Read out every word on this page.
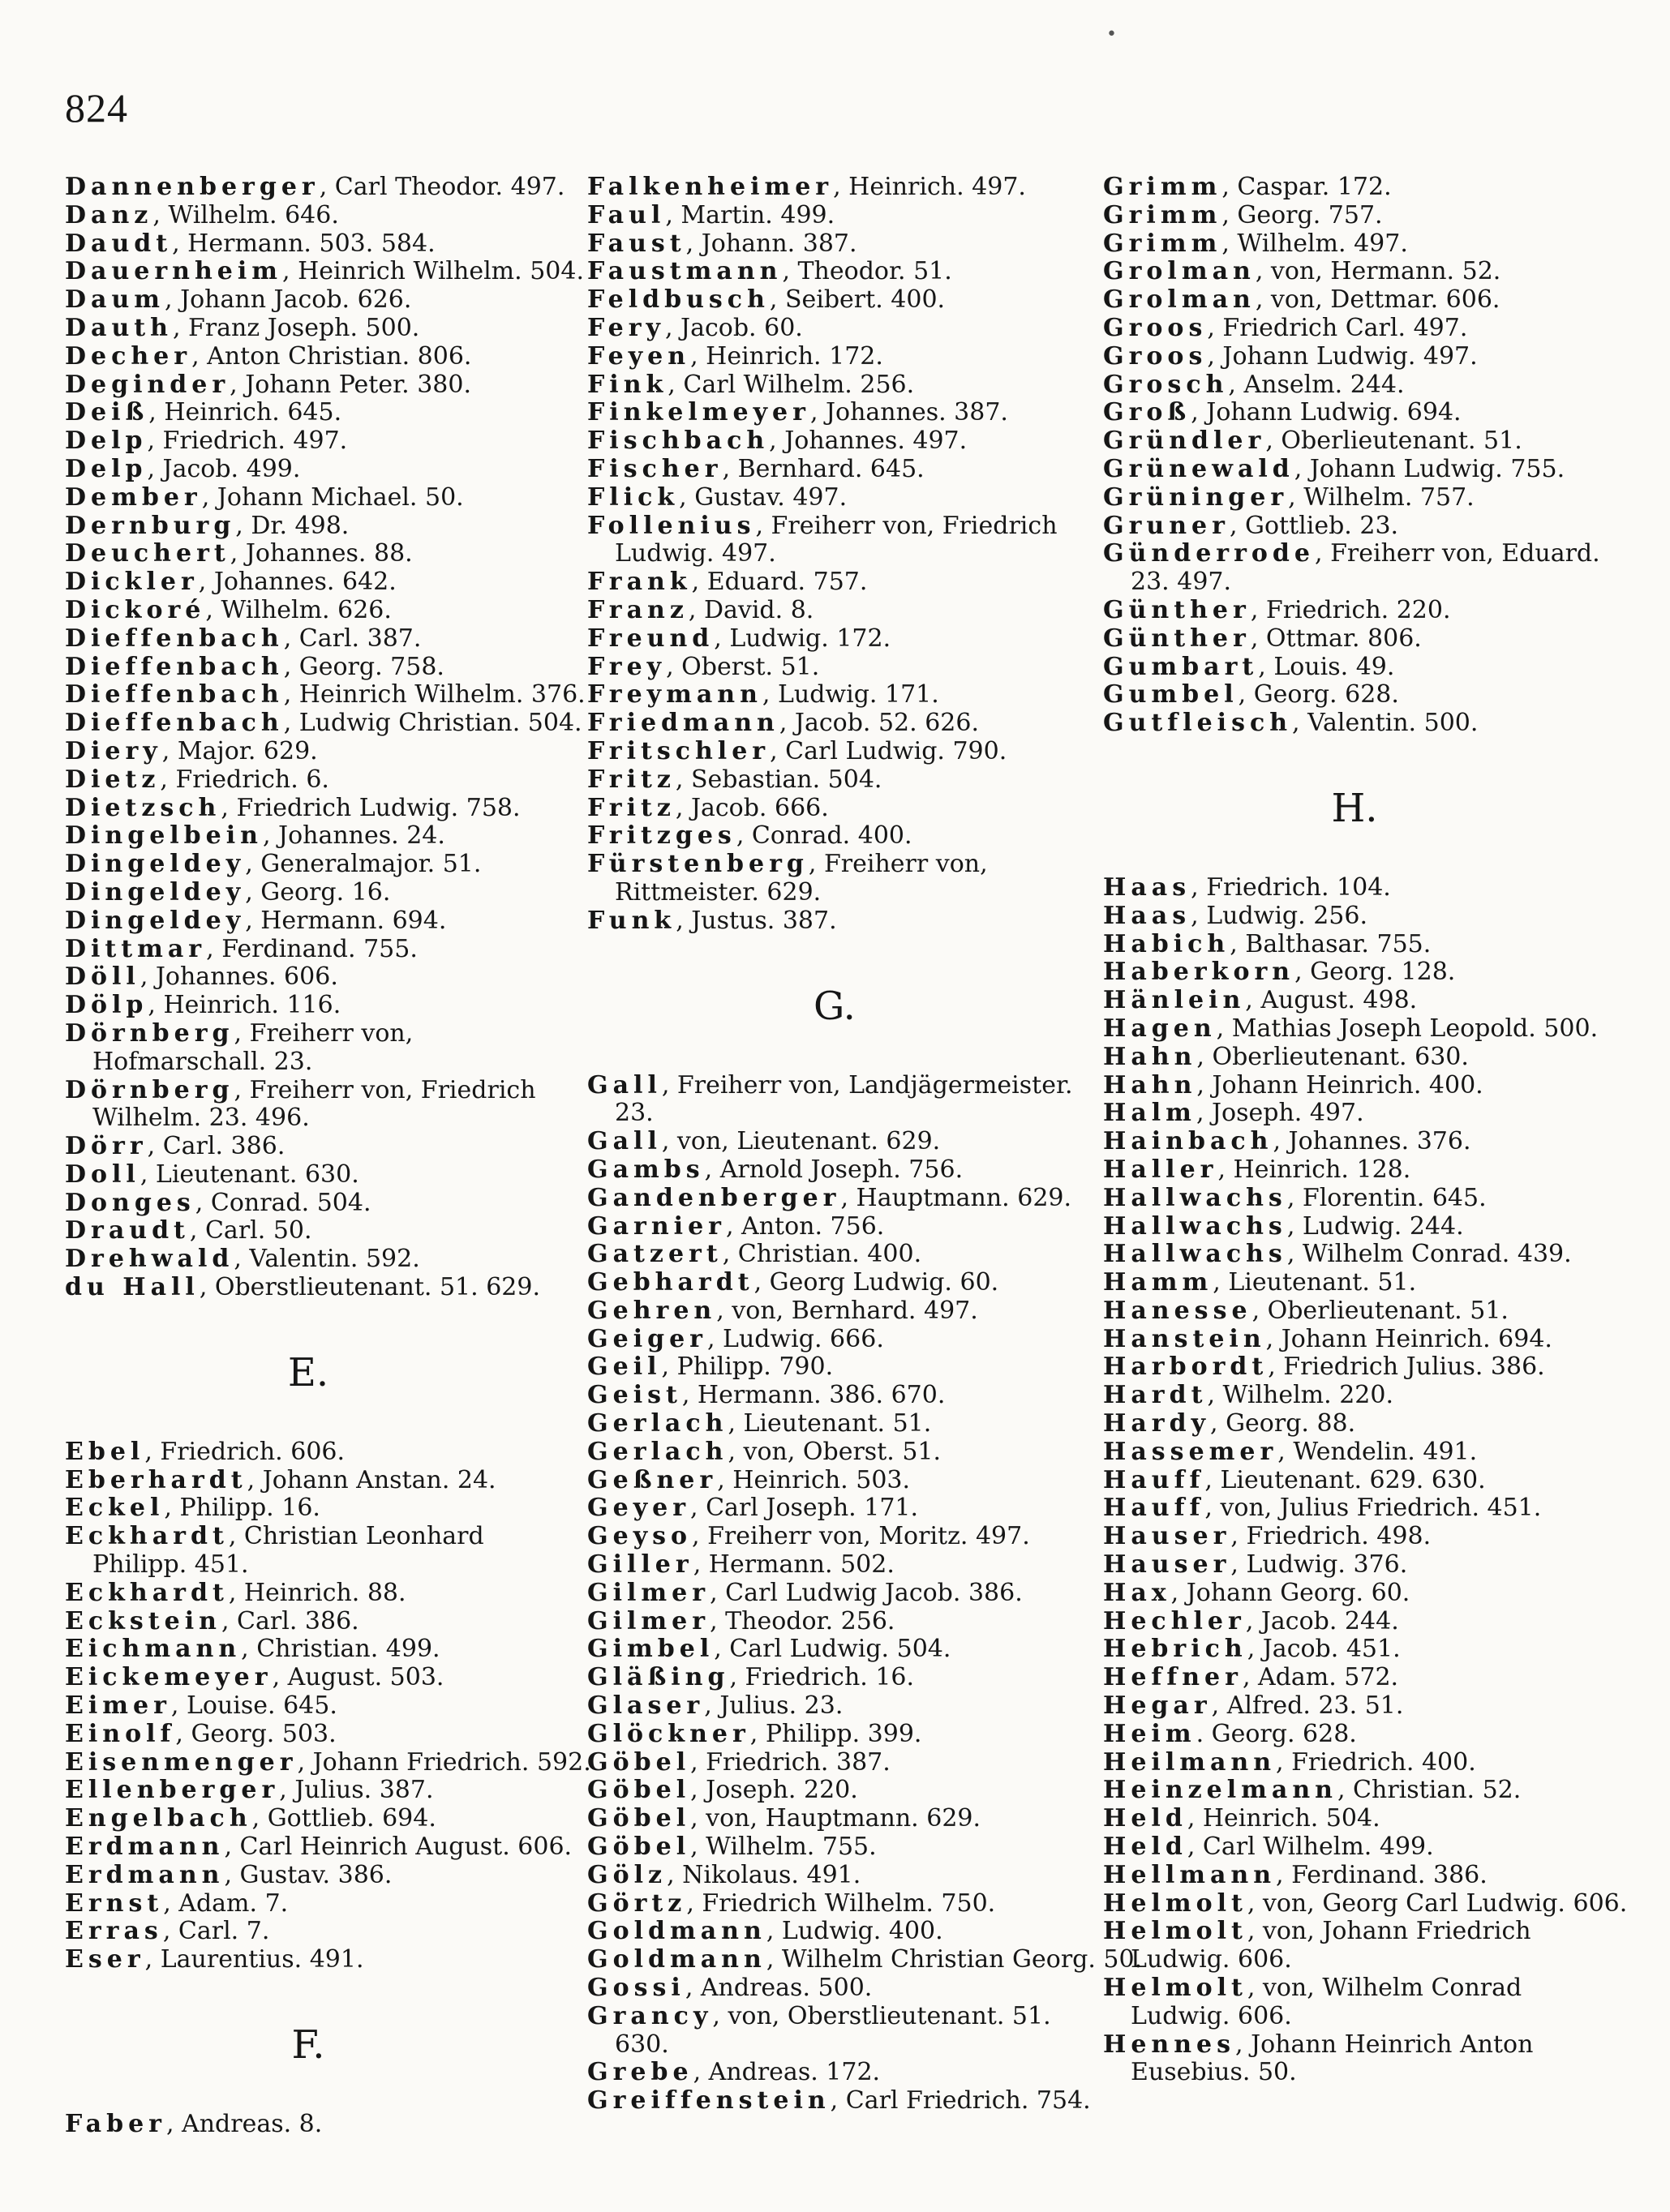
824
Dannenberger, Carl Theodor. 497.
Danz, Wilhelm. 646.
Daudt, Hermann. 503. 584.
Dauernheim, Heinrich Wilhelm. 504.
Daum, Johann Jacob. 626.
Dauth, Franz Joseph. 500.
Decher, Anton Christian. 806.
Deginder, Johann Peter. 380.
Deiß, Heinrich. 645.
Delp, Friedrich. 497.
Delp, Jacob. 499.
Dember, Johann Michael. 50.
Dernburg, Dr. 498.
Deuchert, Johannes. 88.
Dickler, Johannes. 642.
Dickoré, Wilhelm. 626.
Dieffenbach, Carl. 387.
Dieffenbach, Georg. 758.
Dieffenbach, Heinrich Wilhelm. 376.
Dieffenbach, Ludwig Christian. 504.
Diery, Major. 629.
Dietz, Friedrich. 6.
Dietzsch, Friedrich Ludwig. 758.
Dingelbein, Johannes. 24.
Dingeldey, Generalmajor. 51.
Dingeldey, Georg. 16.
Dingeldey, Hermann. 694.
Dittmar, Ferdinand. 755.
Döll, Johannes. 606.
Dölp, Heinrich. 116.
Dörnberg, Freiherr von, Hofmarschall. 23.
Dörnberg, Freiherr von, Friedrich Wilhelm. 23. 496.
Dörr, Carl. 386.
Doll, Lieutenant. 630.
Donges, Conrad. 504.
Draudt, Carl. 50.
Drehwald, Valentin. 592.
du Hall, Oberstlieutenant. 51. 629.
E.
Ebel, Friedrich. 606.
Eberhardt, Johann Anstan. 24.
Eckel, Philipp. 16.
Eckhardt, Christian Leonhard Philipp. 451.
Eckhardt, Heinrich. 88.
Eckstein, Carl. 386.
Eichmann, Christian. 499.
Eickemeyer, August. 503.
Eimer, Louise. 645.
Einolf, Georg. 503.
Eisenmenger, Johann Friedrich. 592.
Ellenberger, Julius. 387.
Engelbach, Gottlieb. 694.
Erdmann, Carl Heinrich August. 606.
Erdmann, Gustav. 386.
Ernst, Adam. 7.
Erras, Carl. 7.
Eser, Laurentius. 491.
F.
Faber, Andreas. 8.
Falkenheimer, Heinrich. 497.
Faul, Martin. 499.
Faust, Johann. 387.
Faustmann, Theodor. 51.
Feldbusch, Seibert. 400.
Fery, Jacob. 60.
Feyen, Heinrich. 172.
Fink, Carl Wilhelm. 256.
Finkelmeyer, Johannes. 387.
Fischbach, Johannes. 497.
Fischer, Bernhard. 645.
Flick, Gustav. 497.
Follenius, Freiherr von, Friedrich Ludwig. 497.
Frank, Eduard. 757.
Franz, David. 8.
Freund, Ludwig. 172.
Frey, Oberst. 51.
Freymann, Ludwig. 171.
Friedmann, Jacob. 52. 626.
Fritschler, Carl Ludwig. 790.
Fritz, Sebastian. 504.
Fritz, Jacob. 666.
Fritzges, Conrad. 400.
Fürstenberg, Freiherr von, Rittmeister. 629.
Funk, Justus. 387.
G.
Gall, Freiherr von, Landjägermeister. 23.
Gall, von, Lieutenant. 629.
Gambs, Arnold Joseph. 756.
Gandenberger, Hauptmann. 629.
Garnier, Anton. 756.
Gatzert, Christian. 400.
Gebhardt, Georg Ludwig. 60.
Gehren, von, Bernhard. 497.
Geiger, Ludwig. 666.
Geil, Philipp. 790.
Geist, Hermann. 386. 670.
Gerlach, Lieutenant. 51.
Gerlach, von, Oberst. 51.
Geßner, Heinrich. 503.
Geyer, Carl Joseph. 171.
Geyso, Freiherr von, Moritz. 497.
Giller, Hermann. 502.
Gilmer, Carl Ludwig Jacob. 386.
Gilmer, Theodor. 256.
Gimbel, Carl Ludwig. 504.
Gläßing, Friedrich. 16.
Glaser, Julius. 23.
Glöckner, Philipp. 399.
Göbel, Friedrich. 387.
Göbel, Joseph. 220.
Göbel, von, Hauptmann. 629.
Göbel, Wilhelm. 755.
Gölz, Nikolaus. 491.
Görtz, Friedrich Wilhelm. 750.
Goldmann, Ludwig. 400.
Goldmann, Wilhelm Christian Georg. 50.
Gossi, Andreas. 500.
Grancy, von, Oberstlieutenant. 51. 630.
Grebe, Andreas. 172.
Greiffenstein, Carl Friedrich. 754.
Grimm, Caspar. 172.
Grimm, Georg. 757.
Grimm, Wilhelm. 497.
Grolman, von, Hermann. 52.
Grolman, von, Dettmar. 606.
Groos, Friedrich Carl. 497.
Groos, Johann Ludwig. 497.
Grosch, Anselm. 244.
Groß, Johann Ludwig. 694.
Gründler, Oberlieutenant. 51.
Grünewald, Johann Ludwig. 755.
Grüninger, Wilhelm. 757.
Gruner, Gottlieb. 23.
Günderrode, Freiherr von, Eduard. 23. 497.
Günther, Friedrich. 220.
Günther, Ottmar. 806.
Gumbart, Louis. 49.
Gumbel, Georg. 628.
Gutfleisch, Valentin. 500.
H.
Haas, Friedrich. 104.
Haas, Ludwig. 256.
Habich, Balthasar. 755.
Haberkorn, Georg. 128.
Hänlein, August. 498.
Hagen, Mathias Joseph Leopold. 500.
Hahn, Oberlieutenant. 630.
Hahn, Johann Heinrich. 400.
Halm, Joseph. 497.
Hainbach, Johannes. 376.
Haller, Heinrich. 128.
Hallwachs, Florentin. 645.
Hallwachs, Ludwig. 244.
Hallwachs, Wilhelm Conrad. 439.
Hamm, Lieutenant. 51.
Hanesse, Oberlieutenant. 51.
Hanstein, Johann Heinrich. 694.
Harbordt, Friedrich Julius. 386.
Hardt, Wilhelm. 220.
Hardy, Georg. 88.
Hassemer, Wendelin. 491.
Hauff, Lieutenant. 629. 630.
Hauff, von, Julius Friedrich. 451.
Hauser, Friedrich. 498.
Hauser, Ludwig. 376.
Hax, Johann Georg. 60.
Hechler, Jacob. 244.
Hebrich, Jacob. 451.
Heffner, Adam. 572.
Hegar, Alfred. 23. 51.
Heim. Georg. 628.
Heilmann, Friedrich. 400.
Heinzelmann, Christian. 52.
Held, Heinrich. 504.
Held, Carl Wilhelm. 499.
Hellmann, Ferdinand. 386.
Helmolt, von, Georg Carl Ludwig. 606.
Helmolt, von, Johann Friedrich Ludwig. 606.
Helmolt, von, Wilhelm Conrad Ludwig. 606.
Hennes, Johann Heinrich Anton Eusebius. 50.
•
